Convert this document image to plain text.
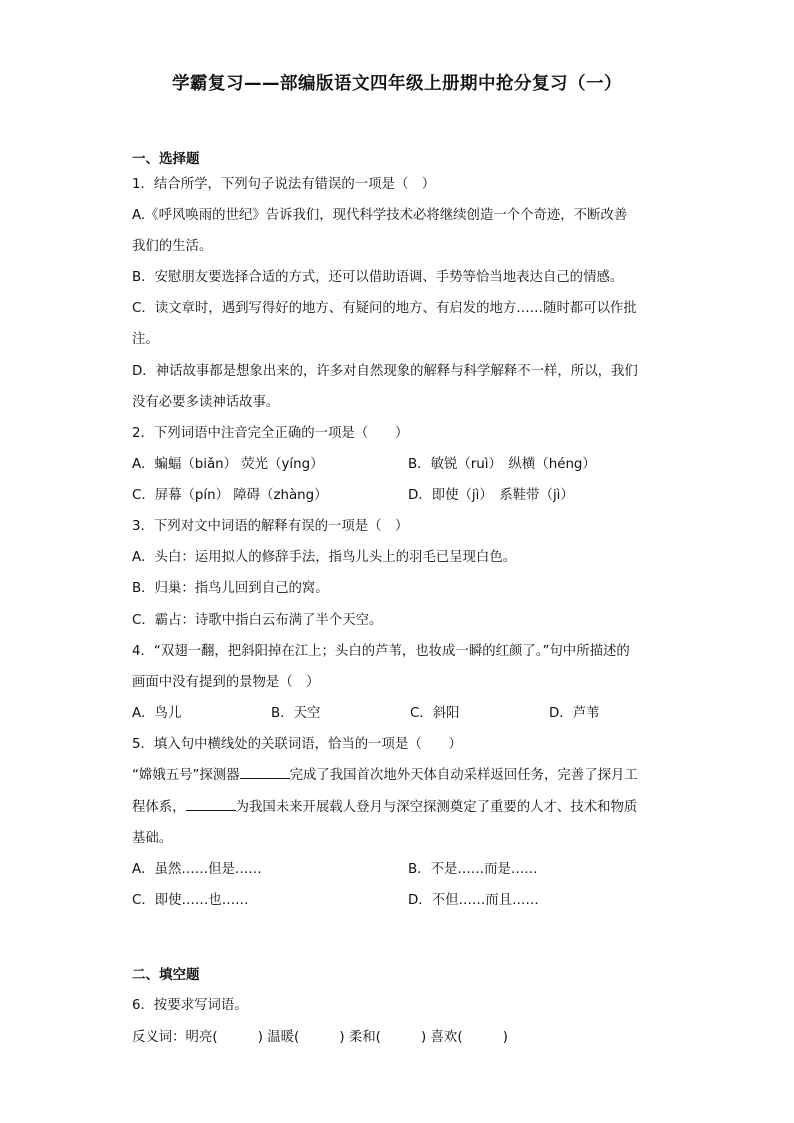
学霸复习——部编版语文四年级上册期中抢分复习（一）
一、选择题
1．结合所学，下列句子说法有错误的一项是（　）
A.《呼风唤雨的世纪》告诉我们，现代科学技术必将继续创造一个个奇迹，不断改善
我们的生活。
B．安慰朋友要选择合适的方式，还可以借助语调、手势等恰当地表达自己的情感。
C．读文章时，遇到写得好的地方、有疑问的地方、有启发的地方……随时都可以作批
注。
D．神话故事都是想象出来的，许多对自然现象的解释与科学解释不一样，所以，我们
没有必要多读神话故事。
2．下列词语中注音完全正确的一项是（　　）
A．蝙蝠（biǎn） 荧光（yíng）	B．敏锐（ruì）　纵横（héng）
C．屏幕（pín） 障碍（zhàng）	D．即使（jì）　系鞋带（jì）
3．下列对文中词语的解释有误的一项是（　）
A．头白：运用拟人的修辞手法，指鸟儿头上的羽毛已呈现白色。
B．归巢：指鸟儿回到自己的窝。
C．霸占：诗歌中指白云布满了半个天空。
4．“双翅一翻，把斜阳掉在江上；头白的芦苇，也妆成一瞬的红颜了。”句中所描述的
画面中没有提到的景物是（　）
A．鸟儿	B．天空	C．斜阳	D．芦苇
5．填入句中横线处的关联词语，恰当的一项是（　　）
“嫦娥五号”探测器	完成了我国首次地外天体自动采样返回任务，完善了探月工
程体系，	为我国未来开展载人登月与深空探测奠定了重要的人才、技术和物质
基础。
A．虽然……但是……	B．不是……而是……
C．即使……也……	D．不但……而且……
二、填空题
6．按要求写词语。
反义词：明亮(　　　) 温暖(　　　) 柔和(　　　) 喜欢(　　　)
